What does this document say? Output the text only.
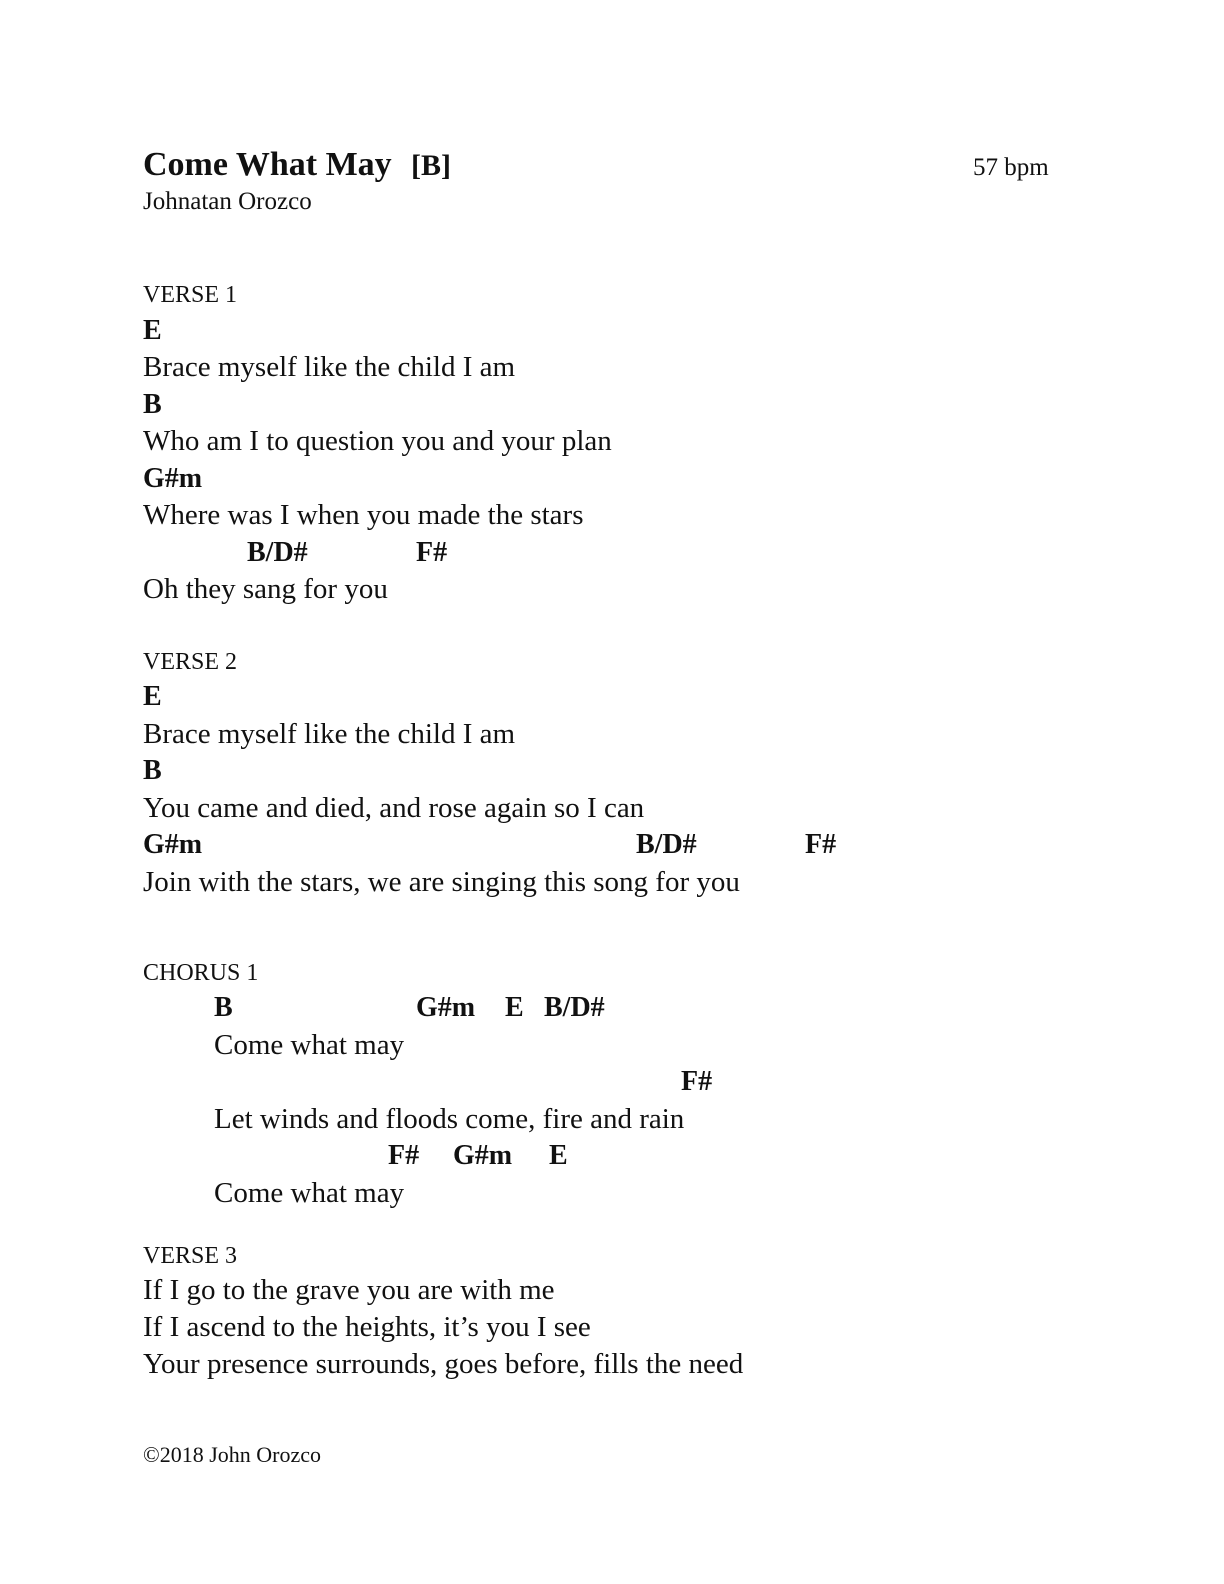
Come What May [B]	57 bpm
Johnatan Orozco
VERSE 1
E
Brace myself like the child I am
B
Who am I to question you and your plan
G#m
Where was I when you made the stars
B/D#	F#
Oh they sang for you
VERSE 2
E
Brace myself like the child I am
B
You came and died, and rose again so I can
G#m	B/D#	F#
Join with the stars, we are singing this song for you
CHORUS 1
B	G#m E B/D#
Come what may
F#
Let winds and floods come, fire and rain
F# G#m E
Come what may
VERSE 3
If I go to the grave you are with me
If I ascend to the heights, it’s you I see
Your presence surrounds, goes before, fills the need
©2018 John Orozco
